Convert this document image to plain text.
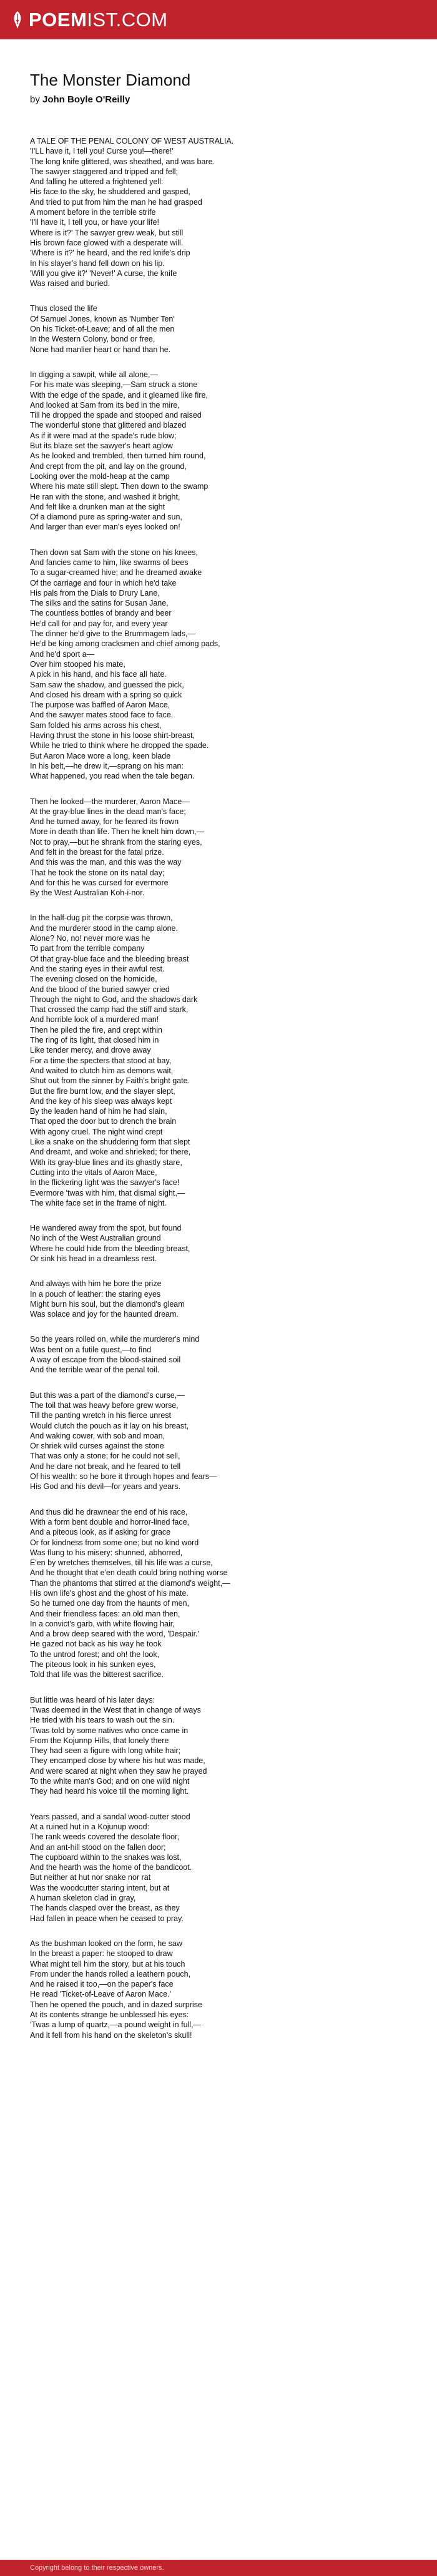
POEMIST.COM
The Monster Diamond
by John Boyle O'Reilly
A TALE OF THE PENAL COLONY OF WEST AUSTRALIA.
'I'LL have it, I tell you! Curse you!—there!'
The long knife glittered, was sheathed, and was bare.
The sawyer staggered and tripped and fell;
And falling he uttered a frightened yell:
His face to the sky, he shuddered and gasped,
And tried to put from him the man he had grasped
A moment before in the terrible strife
'I'll have it, I tell you, or have your life!
Where is it?' The sawyer grew weak, but still
His brown face glowed with a desperate will.
'Where is it?' he heard, and the red knife's drip
In his slayer's hand fell down on his lip.
'Will you give it?' 'Never!' A curse, the knife
Was raised and buried.
Thus closed the life
Of Samuel Jones, known as 'Number Ten'
On his Ticket-of-Leave; and of all the men
In the Western Colony, bond or free,
None had manlier heart or hand than he.
In digging a sawpit, while all alone,—
For his mate was sleeping,—Sam struck a stone
With the edge of the spade, and it gleamed like fire,
And looked at Sam from its bed in the mire,
Till he dropped the spade and stooped and raised
The wonderful stone that glittered and blazed
As if it were mad at the spade's rude blow;
But its blaze set the sawyer's heart aglow
As he looked and trembled, then turned him round,
And crept from the pit, and lay on the ground,
Looking over the mold-heap at the camp
Where his mate still slept. Then down to the swamp
He ran with the stone, and washed it bright,
And felt like a drunken man at the sight
Of a diamond pure as spring-water and sun,
And larger than ever man's eyes looked on!
Then down sat Sam with the stone on his knees,
And fancies came to him, like swarms of bees
To a sugar-creamed hive; and he dreamed awake
Of the carriage and four in which he'd take
His pals from the Dials to Drury Lane,
The silks and the satins for Susan Jane,
The countless bottles of brandy and beer
He'd call for and pay for, and every year
The dinner he'd give to the Brummagem lads,—
He'd be king among cracksmen and chief among pads,
And he'd sport a—
Over him stooped his mate,
A pick in his hand, and his face all hate.
Sam saw the shadow, and guessed the pick,
And closed his dream with a spring so quick
The purpose was baffled of Aaron Mace,
And the sawyer mates stood face to face.
Sam folded his arms across his chest,
Having thrust the stone in his loose shirt-breast,
While he tried to think where he dropped the spade.
But Aaron Mace wore a long, keen blade
In his belt,—he drew it,—sprang on his man:
What happened, you read when the tale began.
Then he looked—the murderer, Aaron Mace—
At the gray-blue lines in the dead man's face;
And he turned away, for he feared its frown
More in death than life. Then he knelt him down,—
Not to pray,—but he shrank from the staring eyes,
And felt in the breast for the fatal prize.
And this was the man, and this was the way
That he took the stone on its natal day;
And for this he was cursed for evermore
By the West Australian Koh-i-nor.
In the half-dug pit the corpse was thrown,
And the murderer stood in the camp alone.
Alone? No, no! never more was he
To part from the terrible company
Of that gray-blue face and the bleeding breast
And the staring eyes in their awful rest.
The evening closed on the homicide,
And the blood of the buried sawyer cried
Through the night to God, and the shadows dark
That crossed the camp had the stiff and stark,
And horrible look of a murdered man!
Then he piled the fire, and crept within
The ring of its light, that closed him in
Like tender mercy, and drove away
For a time the specters that stood at bay,
And waited to clutch him as demons wait,
Shut out from the sinner by Faith's bright gate.
But the fire burnt low, and the slayer slept,
And the key of his sleep was always kept
By the leaden hand of him he had slain,
That oped the door but to drench the brain
With agony cruel. The night wind crept
Like a snake on the shuddering form that slept
And dreamt, and woke and shrieked; for there,
With its gray-blue lines and its ghastly stare,
Cutting into the vitals of Aaron Mace,
In the flickering light was the sawyer's face!
Evermore 'twas with him, that dismal sight,—
The white face set in the frame of night.
He wandered away from the spot, but found
No inch of the West Australian ground
Where he could hide from the bleeding breast,
Or sink his head in a dreamless rest.
And always with him he bore the prize
In a pouch of leather: the staring eyes
Might burn his soul, but the diamond's gleam
Was solace and joy for the haunted dream.
So the years rolled on, while the murderer's mind
Was bent on a futile quest,—to find
A way of escape from the blood-stained soil
And the terrible wear of the penal toil.
But this was a part of the diamond's curse,—
The toil that was heavy before grew worse,
Till the panting wretch in his fierce unrest
Would clutch the pouch as it lay on his breast,
And waking cower, with sob and moan,
Or shriek wild curses against the stone
That was only a stone; for he could not sell,
And he dare not break, and he feared to tell
Of his wealth: so he bore it through hopes and fears—
His God and his devil—for years and years.
And thus did he drawnear the end of his race,
With a form bent double and horror-lined face,
And a piteous look, as if asking for grace
Or for kindness from some one; but no kind word
Was flung to his misery: shunned, abhorred,
E'en by wretches themselves, till his life was a curse,
And he thought that e'en death could bring nothing worse
Than the phantoms that stirred at the diamond's weight,—
His own life's ghost and the ghost of his mate.
So he turned one day from the haunts of men,
And their friendless faces: an old man then,
In a convict's garb, with white flowing hair,
And a brow deep seared with the word, 'Despair.'
He gazed not back as his way he took
To the untrod forest; and oh! the look,
The piteous look in his sunken eyes,
Told that life was the bitterest sacrifice.
But little was heard of his later days:
'Twas deemed in the West that in change of ways
He tried with his tears to wash out the sin.
'Twas told by some natives who once came in
From the Kojunnp Hills, that lonely there
They had seen a figure with long white hair;
They encamped close by where his hut was made,
And were scared at night when they saw he prayed
To the white man's God; and on one wild night
They had heard his voice till the morning light.
Years passed, and a sandal wood-cutter stood
At a ruined hut in a Kojunup wood:
The rank weeds covered the desolate floor,
And an ant-hill stood on the fallen door;
The cupboard within to the snakes was lost,
And the hearth was the home of the bandicoot.
But neither at hut nor snake nor rat
Was the woodcutter staring intent, but at
A human skeleton clad in gray,
The hands clasped over the breast, as they
Had fallen in peace when he ceased to pray.
As the bushman looked on the form, he saw
In the breast a paper: he stooped to draw
What might tell him the story, but at his touch
From under the hands rolled a leathern pouch,
And he raised it too,—on the paper's face
He read 'Ticket-of-Leave of Aaron Mace.'
Then he opened the pouch, and in dazed surprise
At its contents strange he unblessed his eyes:
'Twas a lump of quartz,—a pound weight in full,—
And it fell from his hand on the skeleton's skull!
Copyright belong to their respective owners.
